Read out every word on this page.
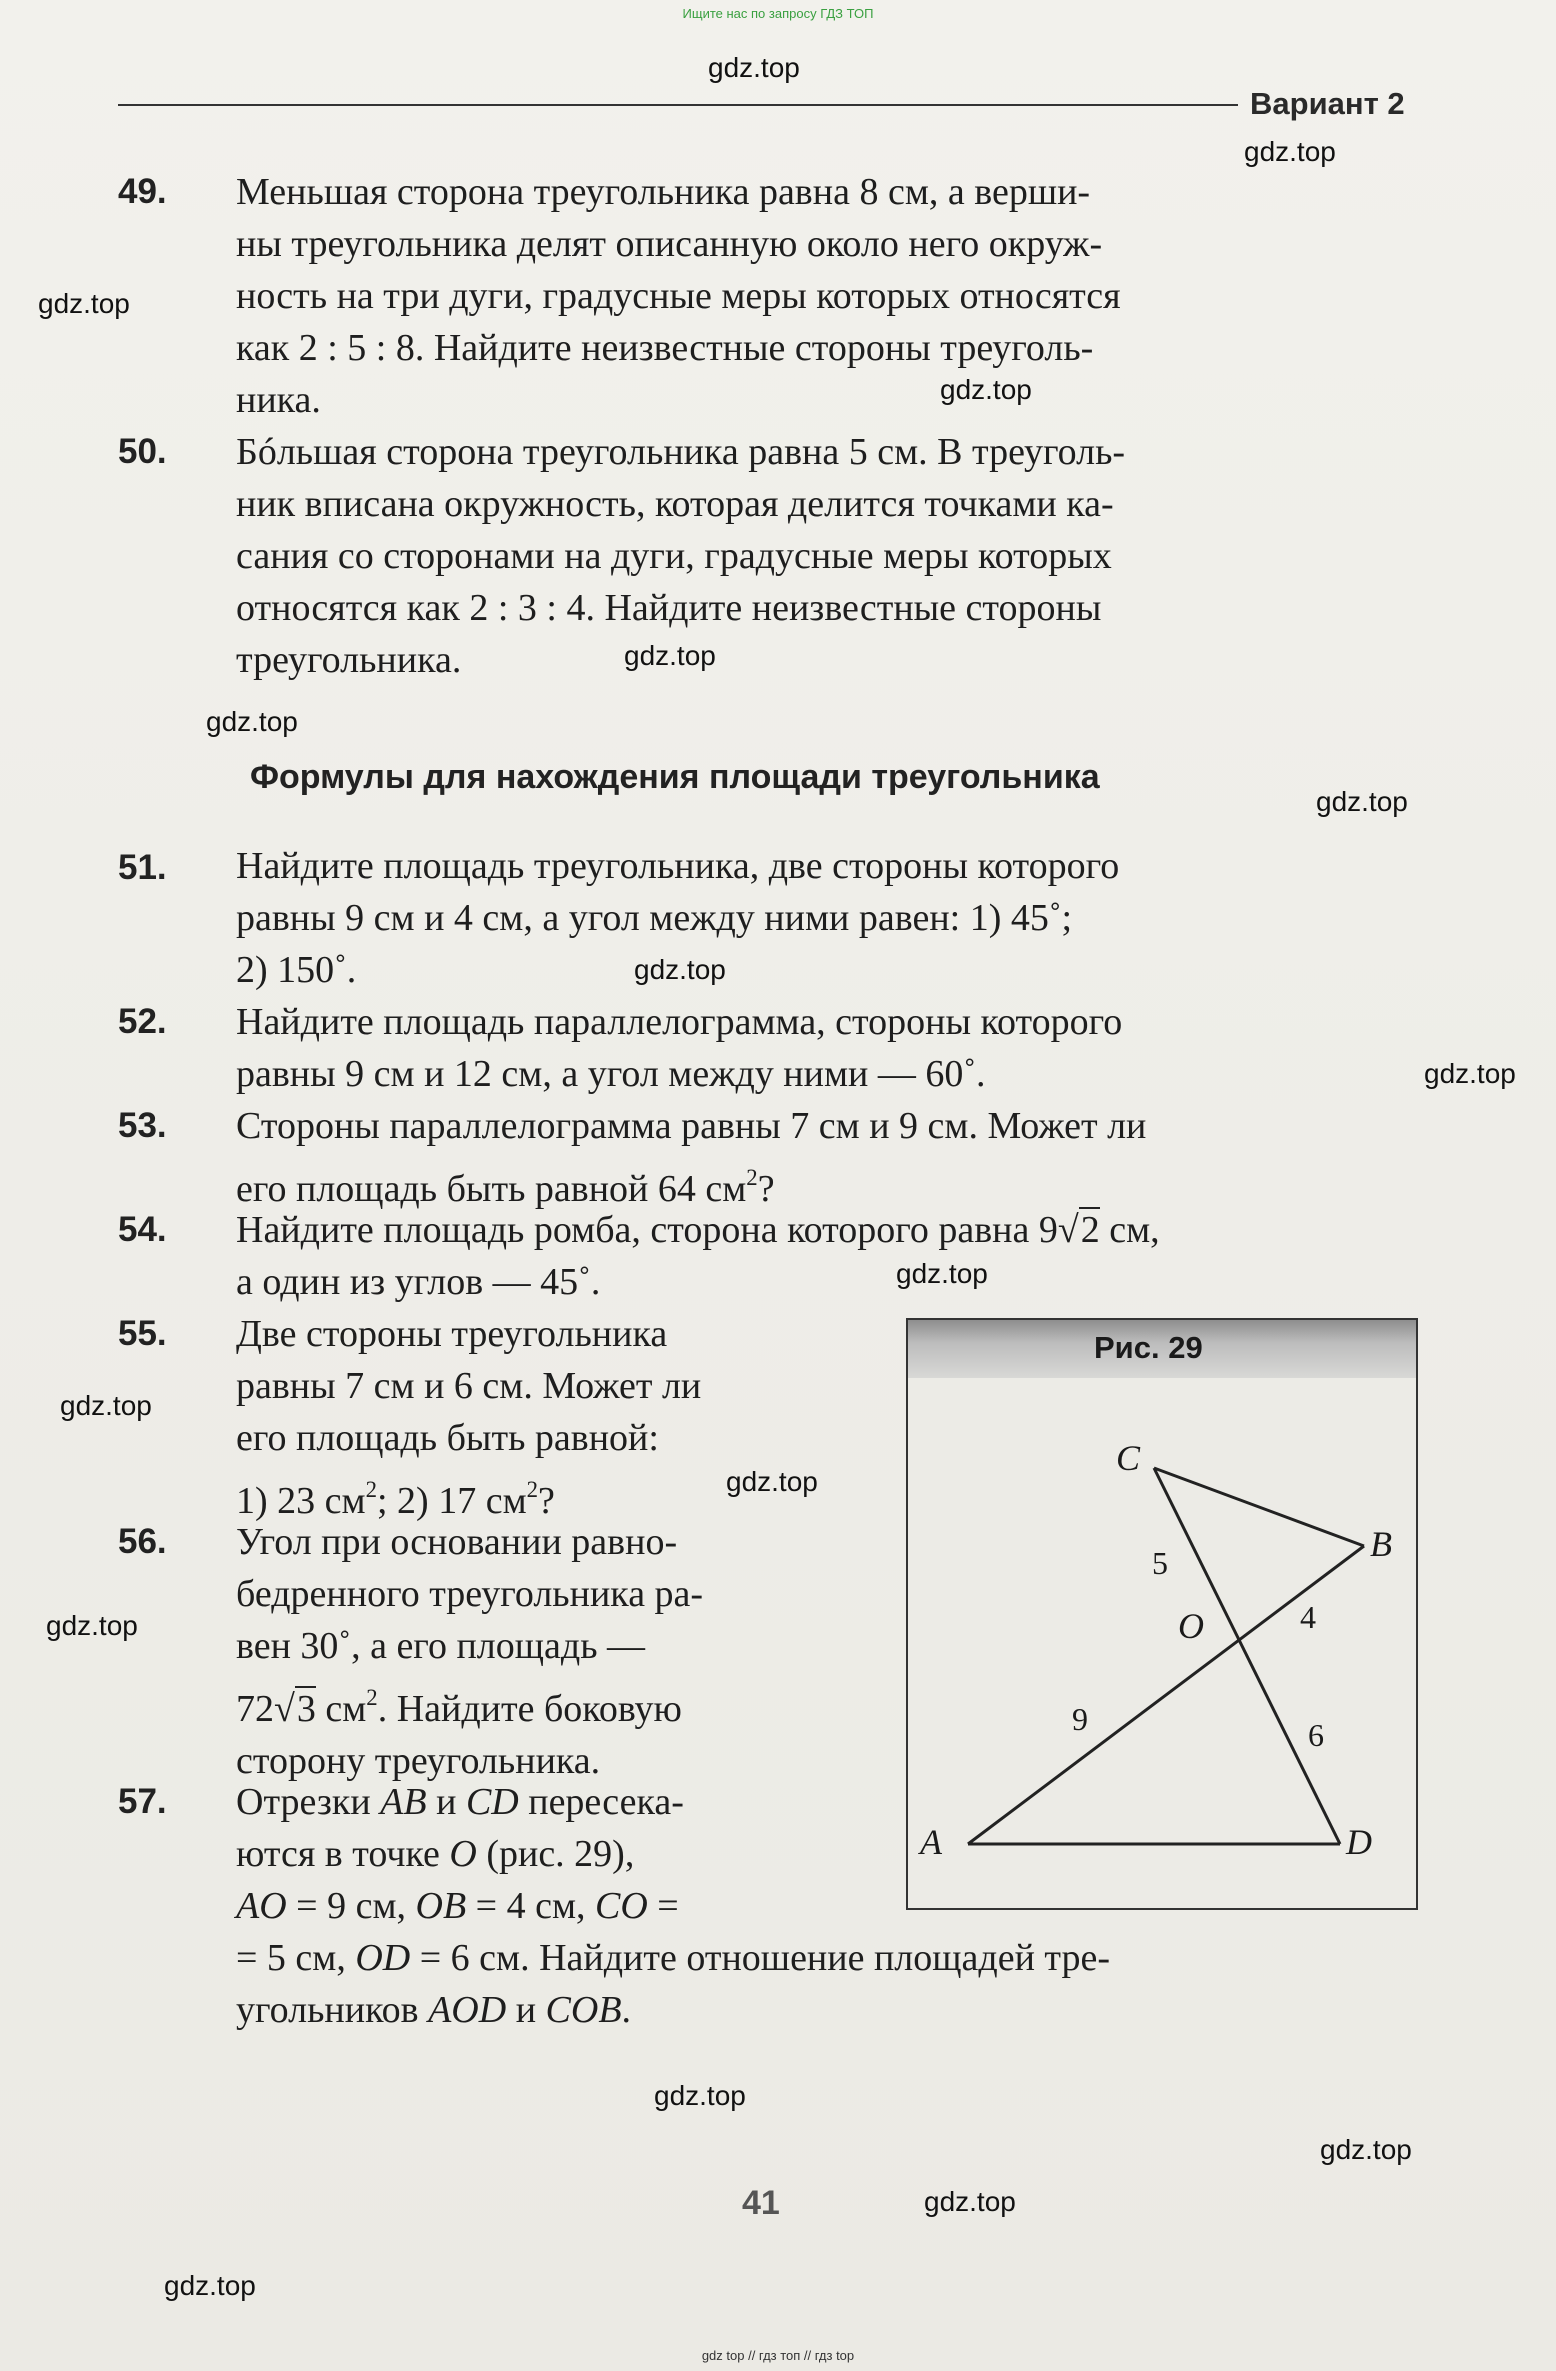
Ищите нас по запросу ГДЗ ТОП
gdz.top
gdz.top
gdz.top
gdz.top
gdz.top
gdz.top
gdz.top
gdz.top
gdz.top
gdz.top
gdz.top
gdz.top
gdz.top
gdz.top
gdz.top
gdz.top
gdz.top
Вариант 2
49. Меньшая сторона треугольника равна 8 см, а верши-
ны треугольника делят описанную около него окруж-
ность на три дуги, градусные меры которых относятся
как 2 : 5 : 8. Найдите неизвестные стороны треуголь-
ника.
50. Бóльшая сторона треугольника равна 5 см. В треуголь-
ник вписана окружность, которая делится точками ка-
сания со сторонами на дуги, градусные меры которых
относятся как 2 : 3 : 4. Найдите неизвестные стороны
треугольника.
Формулы для нахождения площади треугольника
51. Найдите площадь треугольника, две стороны которого
равны 9 см и 4 см, а угол между ними равен: 1) 45˚;
2) 150˚.
52. Найдите площадь параллелограмма, стороны которого
равны 9 см и 12 см, а угол между ними — 60˚.
53. Стороны параллелограмма равны 7 см и 9 см. Может ли
его площадь быть равной 64 $см^2$?
54. Найдите площадь ромба, сторона которого равна 9√2 см,
а один из углов — 45˚.
55. Две стороны треугольника
равны 7 см и 6 см. Может ли
его площадь быть равной:
1) 23 $см^2$; 2) 17 $см^2$?
56. Угол при основании равно-
бедренного треугольника ра-
вен 30˚, а его площадь —
72√3 $см^2$. Найдите боковую
сторону треугольника.
57. Отрезки AB и CD пересека-
ются в точке O (рис. 29),
AO = 9 см, OB = 4 см, CO =
= 5 см, OD = 6 см. Найдите отношение площадей тре-
угольников AOD и COB.
Рис. 29
C
B
O
A	D
5
4
9	6
41
gdz top // гдз топ // гдз top
